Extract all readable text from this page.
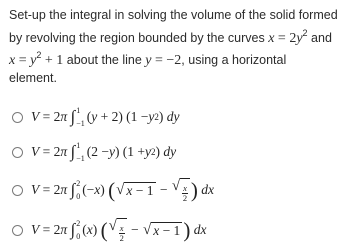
Set-up the integral in solving the volume of the solid formed
by revolving the region bounded by the curves $x = 2y^2$ and
$x = y^2 + 1$ about the line y = −2, using a horizontal
element.
V = 2 π
∫ 1
−1 ( y + 2) (1 − y 2 ) dy
V = 2 π
∫ 1
−1 (2 − y ) (1 + y 2 ) dy
V = 2 π
∫ 2
0 (− x ) ( √ x − 1 − √ $\frac{x}{2}$ )
dx
V = 2 π
∫ 2
0 ( x ) ( √ $\frac{x}{2}$ − √ x − 1 )
dx
